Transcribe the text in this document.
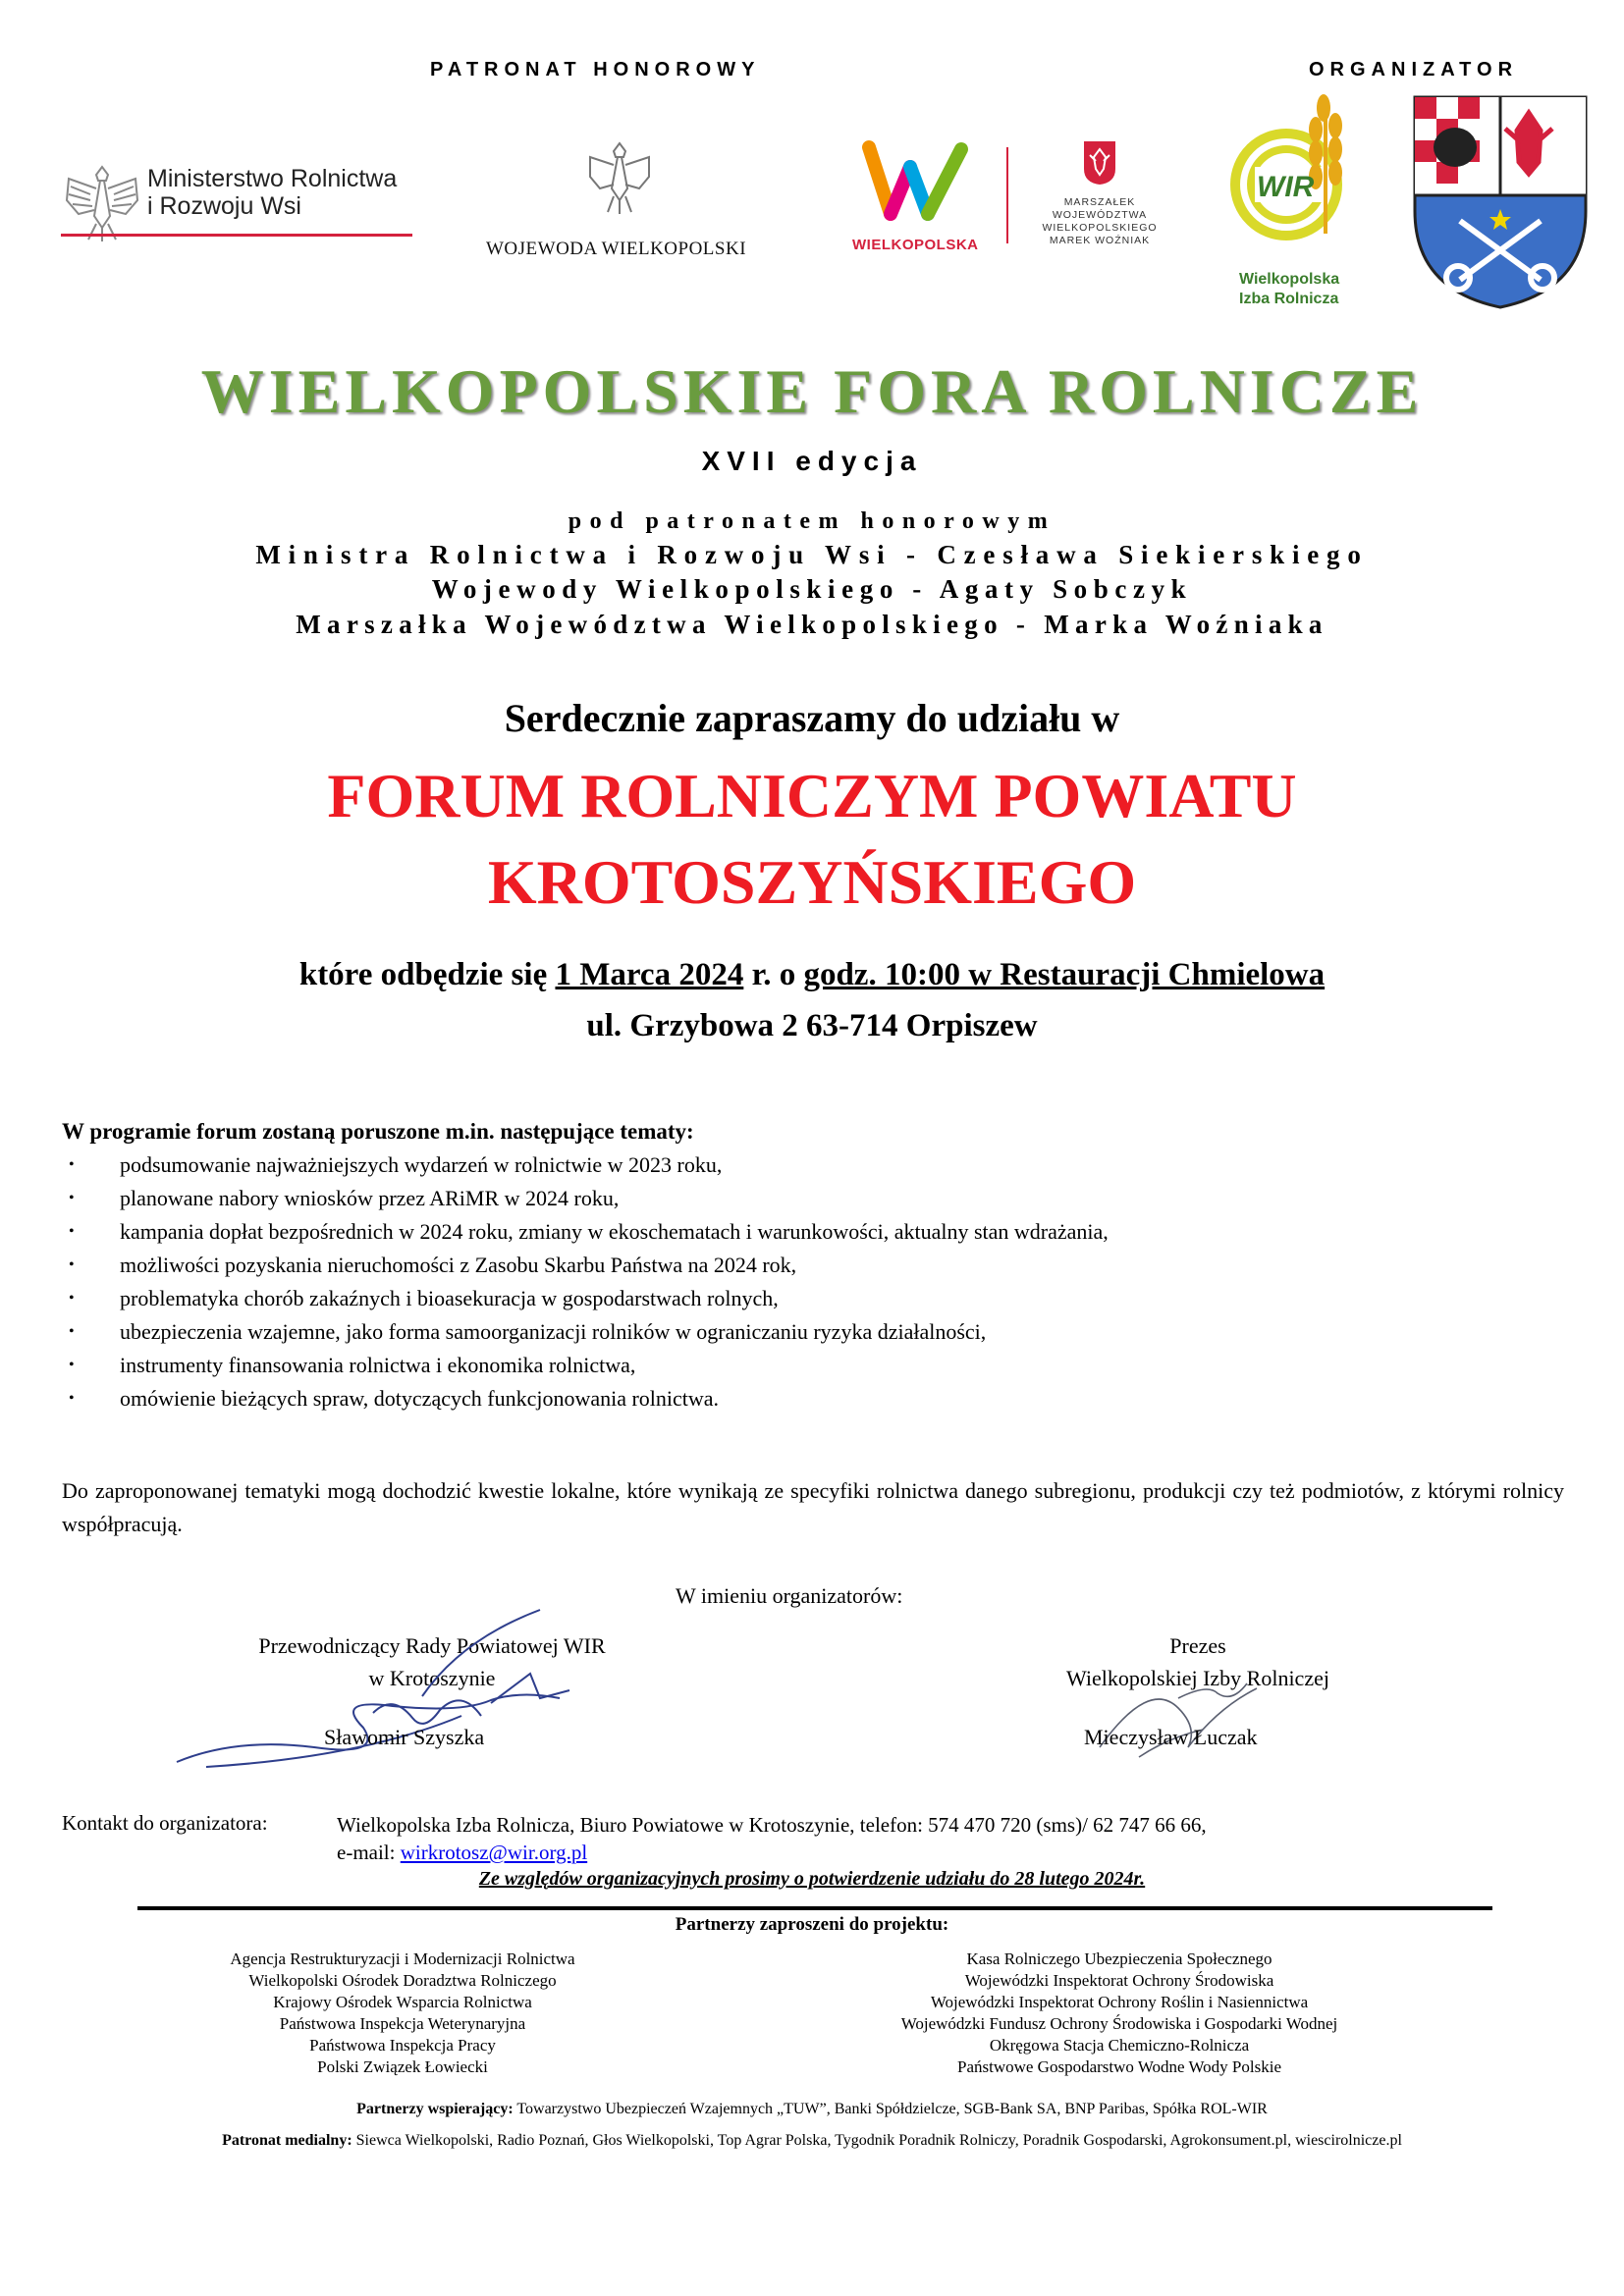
PATRONAT HONOROWY	ORGANIZATOR
Ministerstwo Rolnictwa
i Rozwoju Wsi
WOJEWODA WIELKOPOLSKI	WIELKOPOLSKA
MARSZAŁEK
WOJEWÓDZTWA
WIELKOPOLSKIEGO
MAREK WOŹNIAK
WIR
Wielkopolska
Izba Rolnicza
WIELKOPOLSKIE FORA ROLNICZE
XVII edycja
pod patronatem honorowym
Ministra Rolnictwa i Rozwoju Wsi - Czesława Siekierskiego
Wojewody Wielkopolskiego - Agaty Sobczyk
Marszałka Województwa Wielkopolskiego - Marka Woźniaka
Serdecznie zapraszamy do udziału w
FORUM ROLNICZYM POWIATU
KROTOSZYŃSKIEGO
które odbędzie się 1 Marca 2024 r. o godz. 10:00 w Restauracji Chmielowa
ul. Grzybowa 2 63-714 Orpiszew
W programie forum zostaną poruszone m.in. następujące tematy:
• podsumowanie najważniejszych wydarzeń w rolnictwie w 2023 roku,
• planowane nabory wniosków przez ARiMR w 2024 roku,
• kampania dopłat bezpośrednich w 2024 roku, zmiany w ekoschematach i warunkowości, aktualny stan wdrażania,
• możliwości pozyskania nieruchomości z Zasobu Skarbu Państwa na 2024 rok,
• problematyka chorób zakaźnych i bioasekuracja w gospodarstwach rolnych,
• ubezpieczenia wzajemne, jako forma samoorganizacji rolników w ograniczaniu ryzyka działalności,
• instrumenty finansowania rolnictwa i ekonomika rolnictwa,
• omówienie bieżących spraw, dotyczących funkcjonowania rolnictwa.
Do zaproponowanej tematyki mogą dochodzić kwestie lokalne, które wynikają ze specyfiki rolnictwa danego subregionu, produkcji czy też podmiotów, z którymi rolnicy współpracują.
W imieniu organizatorów:
Przewodniczący Rady Powiatowej WIR
w Krotoszynie
Prezes
Wielkopolskiej Izby Rolniczej
Sławomir Szyszka	Mieczysław Łuczak
Kontakt do organizatora:	Wielkopolska Izba Rolnicza, Biuro Powiatowe w Krotoszynie, telefon: 574 470 720 (sms)/ 62 747 66 66,
e-mail: wirkrotosz@wir.org.pl
Ze względów organizacyjnych prosimy o potwierdzenie udziału do 28 lutego 2024r.
Partnerzy zaproszeni do projektu:
Agencja Restrukturyzacji i Modernizacji Rolnictwa
Wielkopolski Ośrodek Doradztwa Rolniczego
Krajowy Ośrodek Wsparcia Rolnictwa
Państwowa Inspekcja Weterynaryjna
Państwowa Inspekcja Pracy
Polski Związek Łowiecki
Kasa Rolniczego Ubezpieczenia Społecznego
Wojewódzki Inspektorat Ochrony Środowiska
Wojewódzki Inspektorat Ochrony Roślin i Nasiennictwa
Wojewódzki Fundusz Ochrony Środowiska i Gospodarki Wodnej
Okręgowa Stacja Chemiczno-Rolnicza
Państwowe Gospodarstwo Wodne Wody Polskie
Partnerzy wspierający: Towarzystwo Ubezpieczeń Wzajemnych „TUW”, Banki Spółdzielcze, SGB-Bank SA, BNP Paribas, Spółka ROL-WIR
Patronat medialny: Siewca Wielkopolski, Radio Poznań, Głos Wielkopolski, Top Agrar Polska, Tygodnik Poradnik Rolniczy, Poradnik Gospodarski, Agrokonsument.pl, wiescirolnicze.pl
